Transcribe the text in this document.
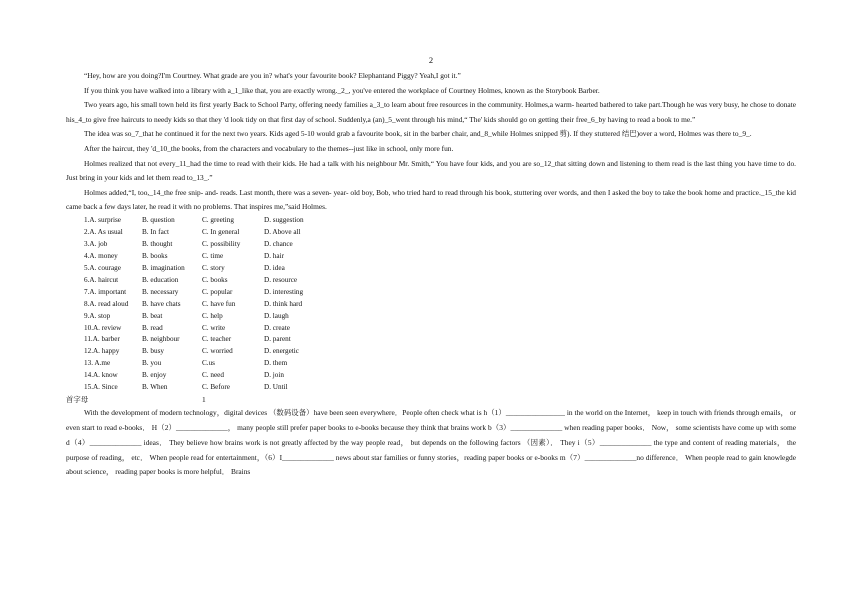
2

“Hey, how are you doing?I'm Courtney. What grade are you in? what's your favourite book? Elephantand Piggy? Yeah,I got it.”

If you think you have walked into a library with a_1_like that, you are exactly wrong._2_, you've entered the workplace of Courtney Holmes, known as the Storybook Barber.

Two years ago, his small town held its first yearly Back to School Party, offering needy families a_3_to learn about free resources in the community. Holmes,a warm- hearted bathered to take part.Though he was very busy, he chose to donate his_4_to give free haircuts to needy kids so that they 'd look tidy on that first day of school. Suddenly,a (an)_5_went through his mind,“ The' kids should go on getting their free_6_by having to read a book to me.”

The idea was so_7_that he continued it for the next two years. Kids aged 5-10 would grab a favourite book, sit in the barber chair, and_8_while Holmes snipped 剪). If they stuttered 结巴)over a word, Holmes was there to_9_.

After the haircut, they 'd_10_the books, from the characters and vocabulary to the themes--just like in school, only more fun.

Holmes realized that not every_11_had the time to read with their kids. He had a talk with his neighbour Mr. Smith,“ You have four kids, and you are so_12_that sitting down and listening to them read is the last thing you have time to do. Just bring in your kids and let them read to_13_.”

Holmes added,“I, too,_14_the free snip- and- reads. Last month, there was a seven- year- old boy, Bob, who tried hard to read through his book, stuttering over words, and then I asked the boy to take the book home and practice._15_the kid came back a few days later, he read it with no problems. That inspires me,”said Holmes.

1.A. surprise	B. question	C. greeting	D. suggestion
2.A. As usual	B. In fact	C. In general	D. Above all
3.A. job	B. thought	C. possibility	D. chance
4.A. money	B. books	C. time	D. hair
5.A. courage	B. imagination	C. story	D. idea
6.A. haircut	B. education	C. books	D. resource
7.A. important	B. necessary	C. popular	D. interesting
8.A. read aloud	B. have chats	C. have fun	D. think hard
9.A. stop	B. beat	C. help	D. laugh
10.A. review	B. read	C. write	D. create
11.A. barber	B. neighbour	C. teacher	D. parent
12.A. happy	B. busy	C. worried	D. energetic
13. A.me	B. you	C.us	D. them
14.A. know	B. enjoy	C. need	D. join
15.A. Since	B. When	C. Before	D. Until
首字母	1

With the development of modern technology，digital devices （数码设备）have been seen everywhere．People often check what is h（1）________________ in the world on the Internet， keep in touch with friends through emails， or even start to read e-books． H（2）______________， many people still prefer paper books to e-books because they think that brains work b（3）______________ when reading paper books． Now， some scientists have come up with some d（4）______________ ideas． They believe how brains work is not greatly affected by the way people read， but depends on the following factors （因素）． They i（5）______________ the type and content of reading materials， the purpose of reading， etc． When people read for entertainment，（6）I______________ news about star families or funny stories，reading paper books or e-books m（7）______________no difference． When people read to gain knowlegde about science， reading paper books is more helpful． Brains
